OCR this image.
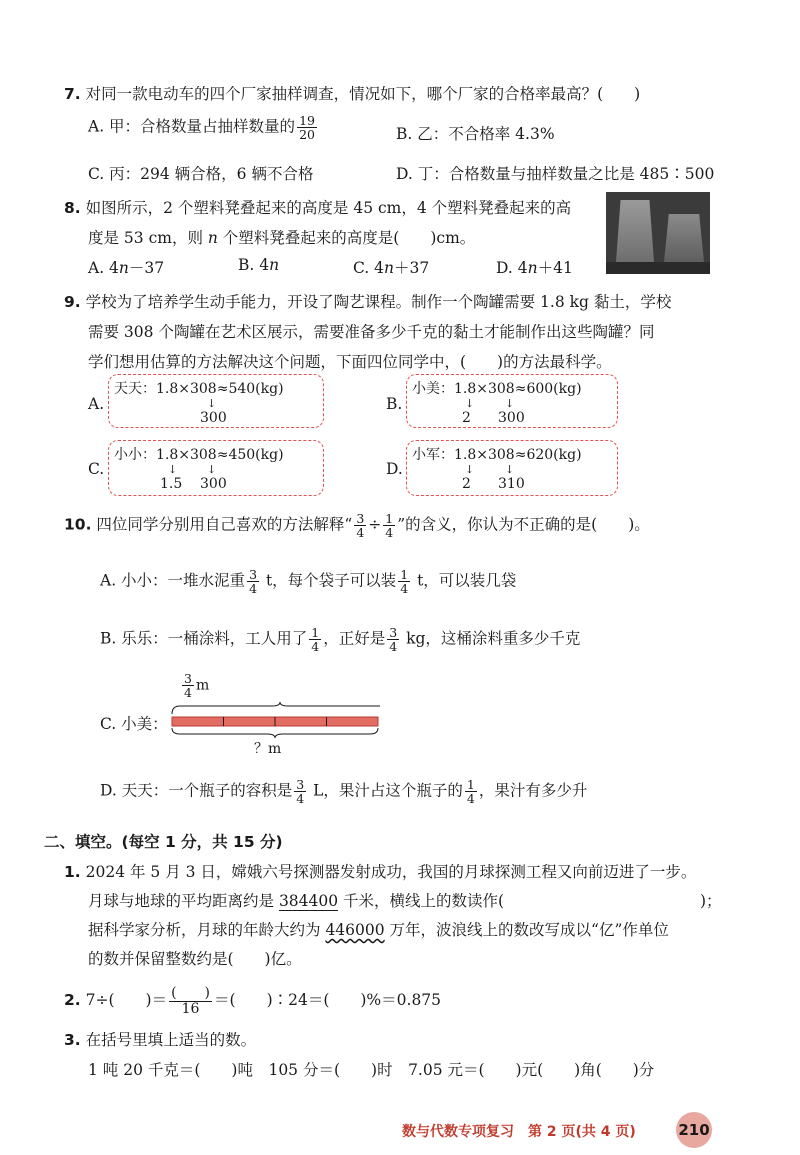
7. 对同一款电动车的四个厂家抽样调查，情况如下，哪个厂家的合格率最高？(　　)
A. 甲：合格数量占抽样数量的 $\frac{19}{20}$	B. 乙：不合格率 4.3%
C. 丙：294 辆合格，6 辆不合格	D. 丁：合格数量与抽样数量之比是 485∶500
8. 如图所示，2 个塑料凳叠起来的高度是 45 cm，4 个塑料凳叠起来的高
度是 53 cm，则 n 个塑料凳叠起来的高度是(　　)cm。
A. 4n－37	B. 4n	C. 4n＋37	D. 4n＋41
9. 学校为了培养学生动手能力，开设了陶艺课程。制作一个陶罐需要 1.8 kg 黏土，学校
需要 308 个陶罐在艺术区展示，需要准备多少千克的黏土才能制作出这些陶罐？同
学们想用估算的方法解决这个问题，下面四位同学中，(　　)的方法最科学。
A.
天天：1.8×308≈540(kg)
↓
300
B.
小美：1.8×308≈600(kg)
↓	↓
2 300
C.
小小：1.8×308≈450(kg)
↓	↓
1.5 300
D.
小军：1.8×308≈620(kg)
↓	↓
2 310
10. 四位同学分别用自己喜欢的方法解释“ $\frac{3}{4} \div \frac{1}{4}$ ”的含义，你认为不正确的是(　　)。
A. 小小：一堆水泥重 $\frac{3}{4}$ t，每个袋子可以装 $\frac{1}{4}$ t，可以装几袋
B. 乐乐：一桶涂料，工人用了 $\frac{1}{4}$ ，正好是 $\frac{3}{4}$ kg，这桶涂料重多少千克
C. 小美：
$\frac{3}{4}$ m
？m
D. 天天：一个瓶子的容积是 $\frac{3}{4}$ L，果汁占这个瓶子的 $\frac{1}{4}$ ，果汁有多少升
二、填空。(每空 1 分，共 15 分)
1. 2024 年 5 月 3 日，嫦娥六号探测器发射成功，我国的月球探测工程又向前迈进了一步。
月球与地球的平均距离约是 384400 千米，横线上的数读作(	)；
据科学家分析，月球的年龄大约为 446000 万年，波浪线上的数改写成以“亿”作单位
的数并保留整数约是(　　)亿。
2. 7÷(　　)＝ $\frac{( )}{16}$ ＝(　　)∶24＝(　　)%＝0.875
3. 在括号里填上适当的数。
1 吨 20 千克＝(　　)吨　105 分＝(　　)时　7.05 元＝(　　)元(　　)角(　　)分
数与代数专项复习　第 2 页(共 4 页)	210
